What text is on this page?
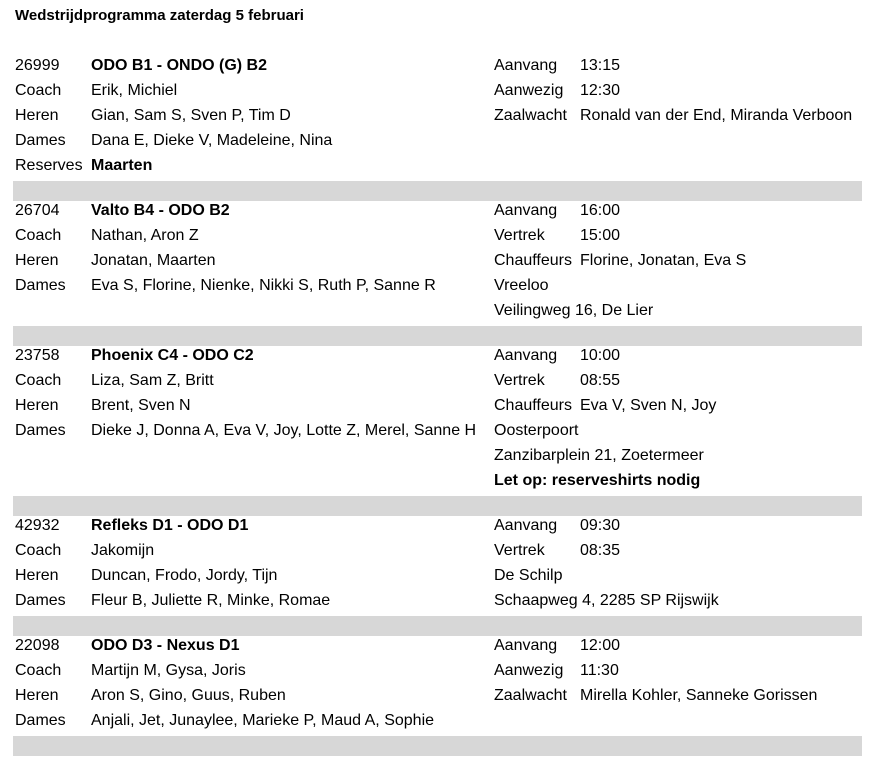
Wedstrijdprogramma zaterdag 5 februari
26999 ODO B1 - ONDO (G) B2
Coach Erik, Michiel
Heren Gian, Sam S, Sven P, Tim D
Dames Dana E, Dieke V, Madeleine, Nina
Reserves Maarten
Aanvang 13:15
Aanwezig 12:30
Zaalwacht Ronald van der End, Miranda Verboon
26704 Valto B4 - ODO B2
Coach Nathan, Aron Z
Heren Jonatan, Maarten
Dames Eva S, Florine, Nienke, Nikki S, Ruth P, Sanne R
Aanvang 16:00
Vertrek 15:00
Chauffeurs Florine, Jonatan, Eva S
Vreeloo
Veilingweg 16, De Lier
23758 Phoenix C4 - ODO C2
Coach Liza, Sam Z, Britt
Heren Brent, Sven N
Dames Dieke J, Donna A, Eva V, Joy, Lotte Z, Merel, Sanne H
Aanvang 10:00
Vertrek 08:55
Chauffeurs Eva V, Sven N, Joy
Oosterpoort
Zanzibarplein 21, Zoetermeer
Let op: reserveshirts nodig
42932 Refleks D1 - ODO D1
Coach Jakomijn
Heren Duncan, Frodo, Jordy, Tijn
Dames Fleur B, Juliette R, Minke, Romae
Aanvang 09:30
Vertrek 08:35
De Schilp
Schaapweg 4, 2285 SP Rijswijk
22098 ODO D3 - Nexus D1
Coach Martijn M, Gysa, Joris
Heren Aron S, Gino, Guus, Ruben
Dames Anjali, Jet, Junaylee, Marieke P, Maud A, Sophie
Aanvang 12:00
Aanwezig 11:30
Zaalwacht Mirella Kohler, Sanneke Gorissen
